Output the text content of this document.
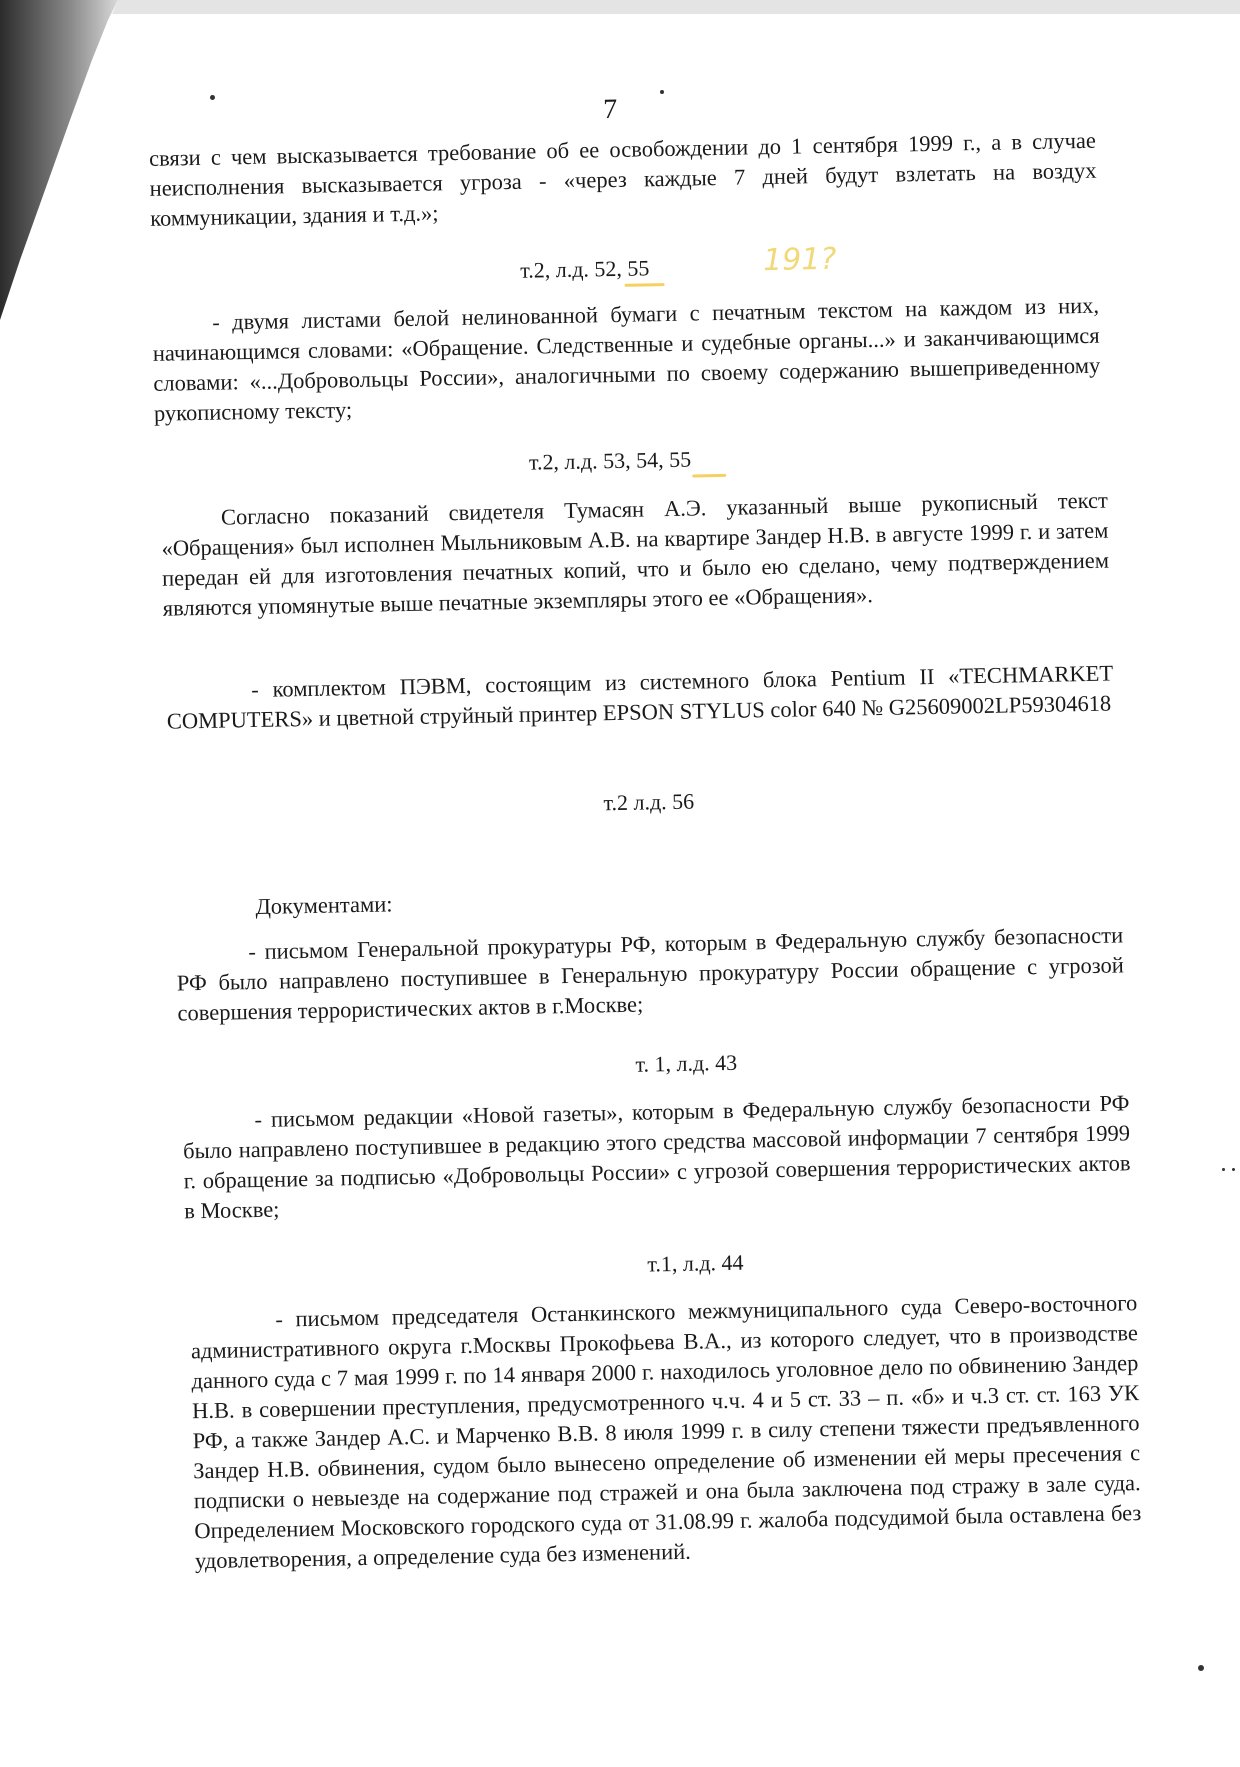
7
связи с чем высказывается требование об ее освобождении до 1 сентября 1999 г., а в случае неисполнения высказывается угроза - «через каждые 7 дней будут взлетать на воздух коммуникации, здания и т.д.»;
т.2, л.д. 52, 55	191?
- двумя листами белой нелинованной бумаги с печатным текстом на каждом из них, начинающимся словами: «Обращение. Следственные и судебные органы...» и заканчивающимся словами: «...Добровольцы России», аналогичными по своему содержанию вышеприведенному рукописному тексту;
т.2, л.д. 53, 54, 55
Согласно показаний свидетеля Тумасян А.Э. указанный выше рукописный текст «Обращения» был исполнен Мыльниковым А.В. на квартире Зандер Н.В. в августе 1999 г. и затем передан ей для изготовления печатных копий, что и было ею сделано, чему подтверждением являются упомянутые выше печатные экземпляры этого ее «Обращения».
- комплектом ПЭВМ, состоящим из системного блока Pentium II «TECHMARKET COMPUTERS» и цветной струйный принтер EPSON STYLUS color 640 № G25609002LP59304618
т.2 л.д. 56
Документами:
- письмом Генеральной прокуратуры РФ, которым в Федеральную службу безопасности РФ было направлено поступившее в Генеральную прокуратуру России обращение с угрозой совершения террористических актов в г.Москве;
т. 1, л.д. 43
- письмом редакции «Новой газеты», которым в Федеральную службу безопасности РФ было направлено поступившее в редакцию этого средства массовой информации 7 сентября 1999 г. обращение за подписью «Добровольцы России» с угрозой совершения террористических актов в Москве;
т.1, л.д. 44
- письмом председателя Останкинского межмуниципального суда Северо-восточного административного округа г.Москвы Прокофьева В.А., из которого следует, что в производстве данного суда с 7 мая 1999 г. по 14 января 2000 г. находилось уголовное дело по обвинению Зандер Н.В. в совершении преступления, предусмотренного ч.ч. 4 и 5 ст. 33 – п. «б» и ч.3 ст. ст. 163 УК РФ, а также Зандер А.С. и Марченко В.В. 8 июля 1999 г. в силу степени тяжести предъявленного Зандер Н.В. обвинения, судом было вынесено определение об изменении ей меры пресечения с подписки о невыезде на содержание под стражей и она была заключена под стражу в зале суда. Определением Московского городского суда от 31.08.99 г. жалоба подсудимой была оставлена без удовлетворения, а определение суда без изменений.
